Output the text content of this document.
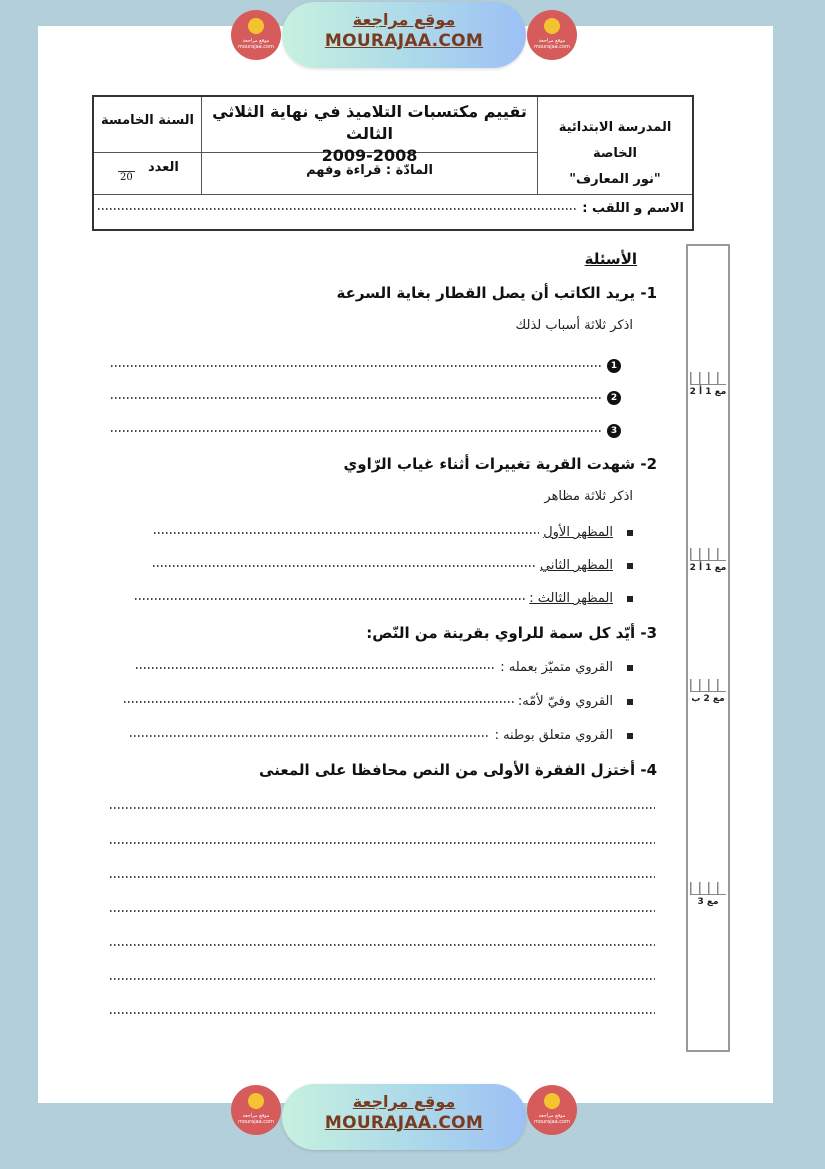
موقع مراجعة
mourajaa.com
موقع مراجعة
MOURAJAA.COM	موقع مراجعة
mourajaa.com
المدرسة الابتدائية الخاصة
"نور المعارف"
تقييم مكتسبات التلاميذ في نهاية الثلاثي الثالث
2009-2008
السنة الخامسة
المادّة : قراءة وفهم
العدد
20
الاسم و اللقب :
مع 1 أ 2
مع 1 أ 2
مع 2 ب
مع 3
الأسئلة
1- يريد الكاتب أن يصل القطار بغاية السرعة
اذكر ثلاثة أسباب لذلك
1
2
3
2- شهدت القرية تغييرات أثناء غياب الرّاوي
اذكر ثلاثة مظاهر
المظهر الأول
المظهر الثاني
المظهر الثالث :
3- أيّد كل سمة للراوي بقرينة من النّص:
القروي متميّز بعمله :
القروي وفيّ لأمّه:
القروي متعلق بوطنه :
4- أختزل الفقرة الأولى من النص محافظا على المعنى
موقع مراجعة
mourajaa.com
موقع مراجعة
MOURAJAA.COM	موقع مراجعة
mourajaa.com
